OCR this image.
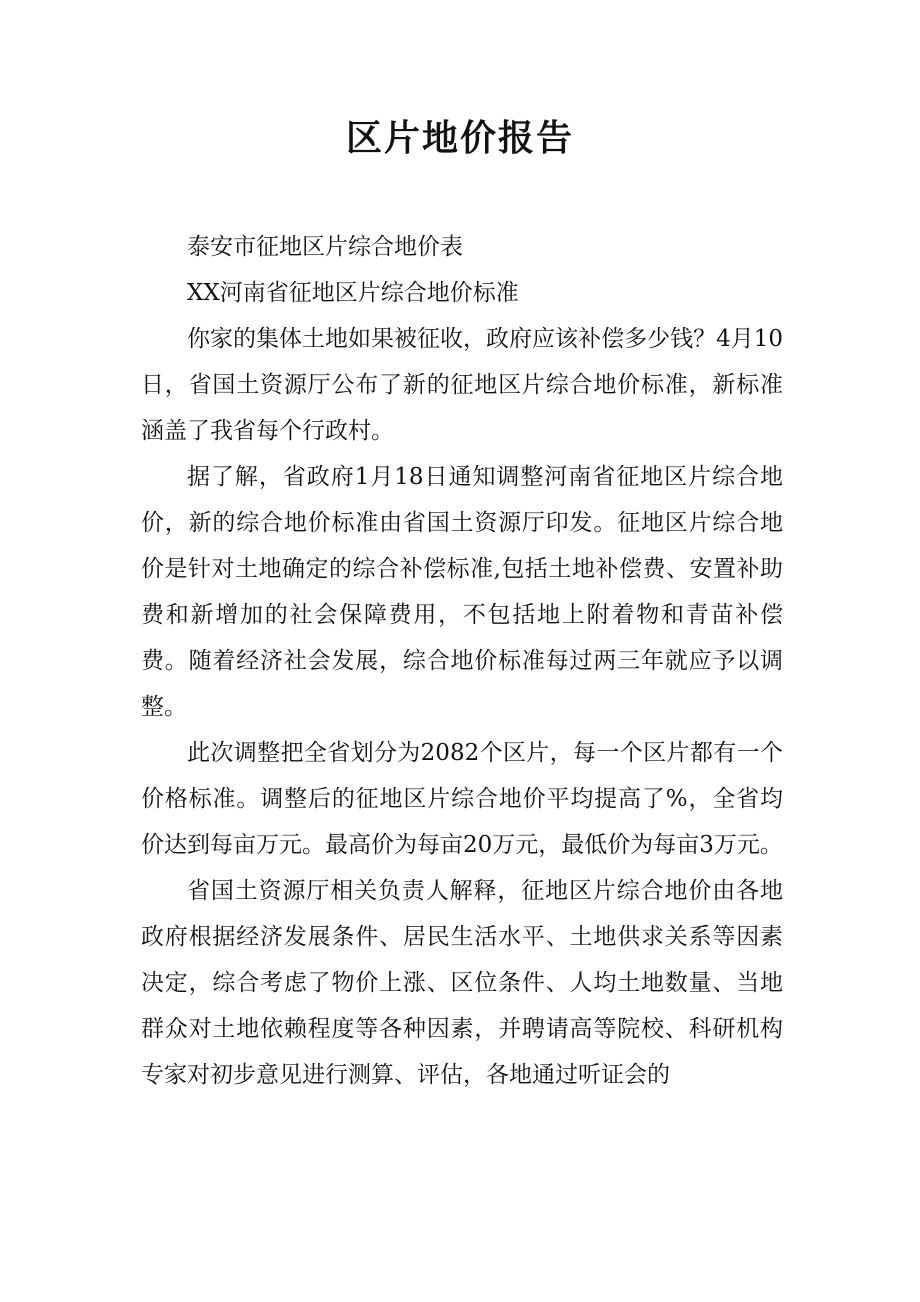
区片地价报告

泰安市征地区片综合地价表

XX河南省征地区片综合地价标准

你家的集体土地如果被征收，政府应该补偿多少钱？4月10日，省国土资源厅公布了新的征地区片综合地价标准，新标准涵盖了我省每个行政村。

据了解，省政府1月18日通知调整河南省征地区片综合地价，新的综合地价标准由省国土资源厅印发。征地区片综合地价是针对土地确定的综合补偿标准,包括土地补偿费、安置补助费和新增加的社会保障费用，不包括地上附着物和青苗补偿费。随着经济社会发展，综合地价标准每过两三年就应予以调整。

此次调整把全省划分为2082个区片，每一个区片都有一个价格标准。调整后的征地区片综合地价平均提高了%，全省均价达到每亩万元。最高价为每亩20万元，最低价为每亩3万元。

省国土资源厅相关负责人解释，征地区片综合地价由各地政府根据经济发展条件、居民生活水平、土地供求关系等因素决定，综合考虑了物价上涨、区位条件、人均土地数量、当地群众对土地依赖程度等各种因素，并聘请高等院校、科研机构专家对初步意见进行测算、评估，各地通过听证会的
